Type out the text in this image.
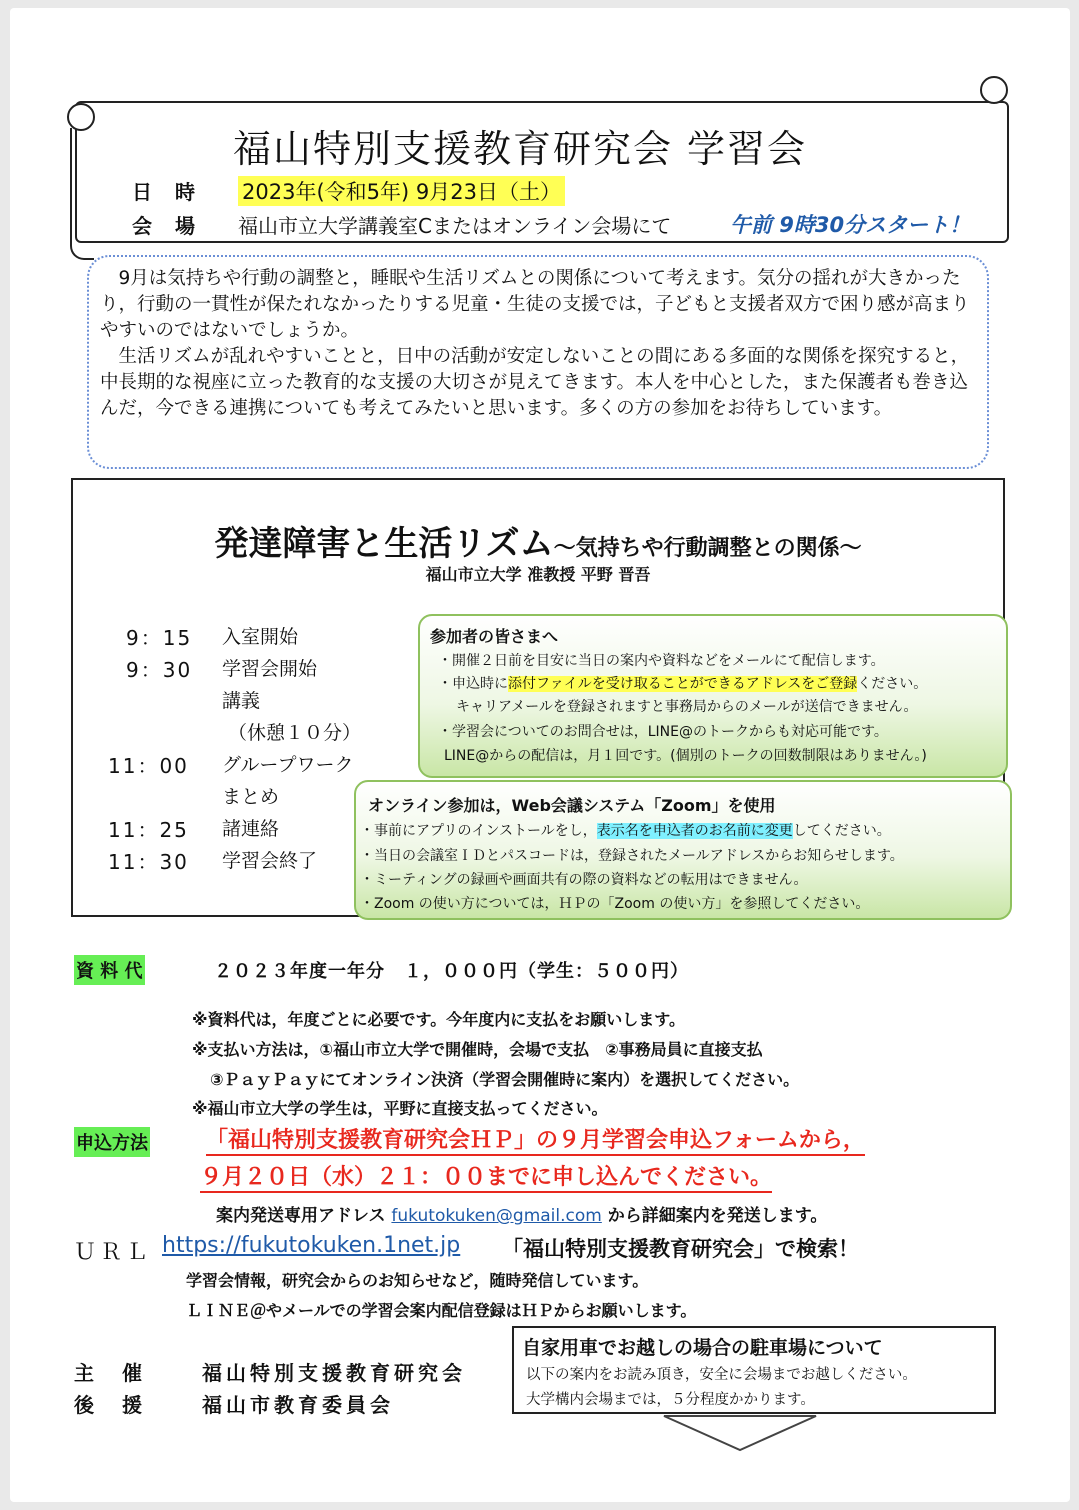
福山特別支援教育研究会 学習会
日 時 2023年(令和5年) 9月23日（土）
会 場 福山市立大学講義室Cまたはオンライン会場にて	午前 9時30分スタート！
9月は気持ちや行動の調整と，睡眠や生活リズムとの関係について考えます。気分の揺れが大きかったり，行動の一貫性が保たれなかったりする児童・生徒の支援では，子どもと支援者双方で困り感が高まりやすいのではないでしょうか。
生活リズムが乱れやすいことと，日中の活動が安定しないことの間にある多面的な関係を探究すると，中長期的な視座に立った教育的な支援の大切さが見えてきます。本人を中心とした，また保護者も巻き込んだ，今できる連携についても考えてみたいと思います。多くの方の参加をお待ちしています。
発達障害と生活リズム〜気持ちや行動調整との関係〜
福山市立大学 准教授 平野 晋吾
9：15 入室開始
9：30 学習会開始
講義
（休憩１０分）
11：00 グループワーク
まとめ
11：25 諸連絡
11：30 学習会終了
参加者の皆さまへ
・開催２日前を目安に当日の案内や資料などをメールにて配信します。
・申込時に添付ファイルを受け取ることができるアドレスをご登録ください。
キャリアメールを登録されますと事務局からのメールが送信できません。
・学習会についてのお問合せは，LINE@のトークからも対応可能です。
LINE@からの配信は，月１回です。(個別のトークの回数制限はありません。)
オンライン参加は，Web会議システム「Zoom」を使用
・事前にアプリのインストールをし，表示名を申込者のお名前に変更してください。
・当日の会議室ＩＤとパスコードは，登録されたメールアドレスからお知らせします。
・ミーティングの録画や画面共有の際の資料などの転用はできません。
・Zoom の使い方については，ＨＰの「Zoom の使い方」を参照してください。
資 料 代	２０２３年度一年分　１，０００円（学生：５００円）
※資料代は，年度ごとに必要です。今年度内に支払をお願いします。
※支払い方法は，①福山市立大学で開催時，会場で支払　②事務局員に直接支払
③ＰａｙＰａｙにてオンライン決済（学習会開催時に案内）を選択してください。
※福山市立大学の学生は，平野に直接支払ってください。
申込方法	「福山特別支援教育研究会ＨＰ」の９月学習会申込フォームから，
９月２０日（水）２１：００までに申し込んでください。
案内発送専用アドレス fukutokuken@gmail.com から詳細案内を発送します。
ＵＲＬ https://fukutokuken.1net.jp 「福山特別支援教育研究会」で検索！
学習会情報，研究会からのお知らせなど，随時発信しています。
ＬＩＮＥ＠やメールでの学習会案内配信登録はＨＰからお願いします。
主　催	福山特別支援教育研究会
後　援	福山市教育委員会
自家用車でお越しの場合の駐車場について
以下の案内をお読み頂き，安全に会場までお越しください。
大学構内会場までは，５分程度かかります。
